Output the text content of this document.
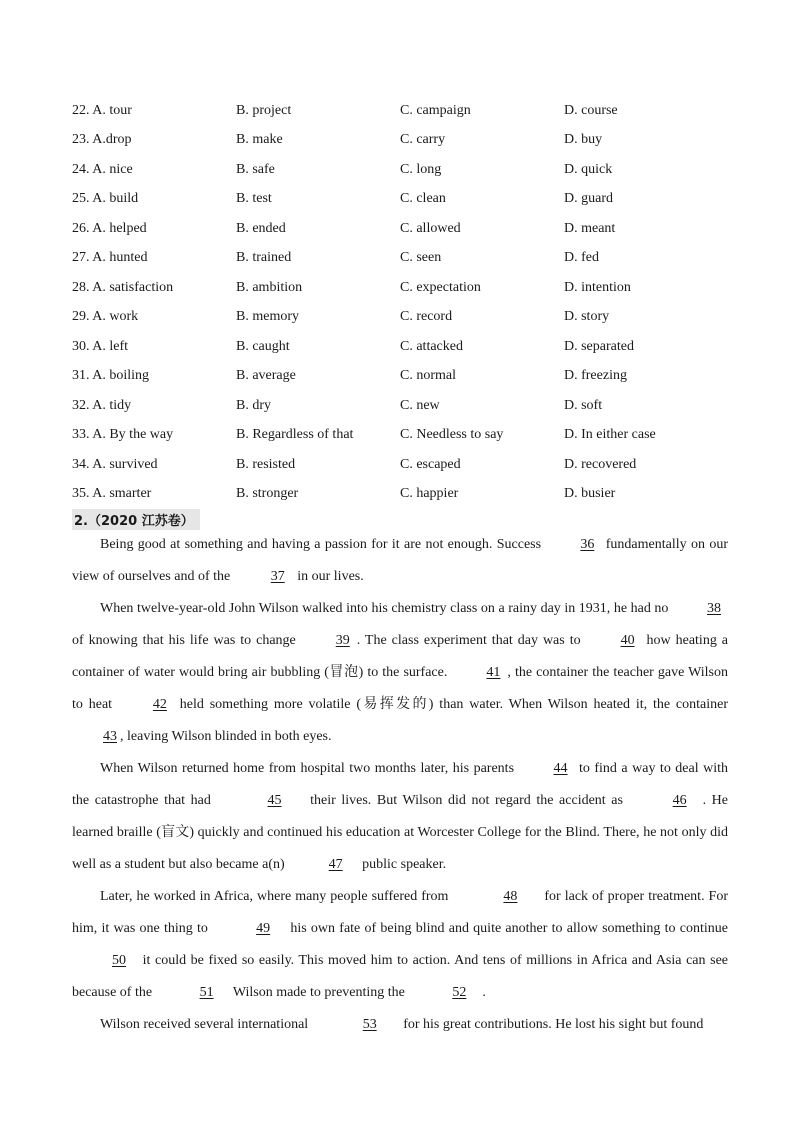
22. A. tour	B. project	C. campaign	D. course
23. A.drop	B. make	C. carry	D. buy
24. A. nice	B. safe	C. long	D. quick
25. A. build	B. test	C. clean	D. guard
26. A. helped	B. ended	C. allowed	D. meant
27. A. hunted	B. trained	C. seen	D. fed
28. A. satisfaction	B. ambition	C. expectation	D. intention
29. A. work	B. memory	C. record	D. story
30. A. left	B. caught	C. attacked	D. separated
31. A. boiling	B. average	C. normal	D. freezing
32. A. tidy	B. dry	C. new	D. soft
33. A. By the way	B. Regardless of that	C. Needless to say	D. In either case
34. A. survived	B. resisted	C. escaped	D. recovered
35. A. smarter	B. stronger	C. happier	D. busier
2.（2020 江苏卷）

Being good at something and having a passion for it are not enough. Success	36 fundamentally on our view of ourselves and of the	37 in our lives.

When twelve-year-old John Wilson walked into his chemistry class on a rainy day in 1931, he had no	38 of knowing that his life was to change	39 . The class experiment that day was to	40 how heating a container of water would bring air bubbling (冒泡) to the surface.	41 , the container the teacher gave Wilson to heat	42 held something more volatile (易挥发的) than water. When Wilson heated it, the container 43 , leaving Wilson blinded in both eyes.

When Wilson returned home from hospital two months later, his parents	44 to find a way to deal with the catastrophe that had	45 their lives. But Wilson did not regard the accident as	46 . He learned braille (盲文) quickly and continued his education at Worcester College for the Blind. There, he not only did well as a student but also became a(n)	47 public speaker.

Later, he worked in Africa, where many people suffered from	48 for lack of proper treatment. For him, it was one thing to	49 his own fate of being blind and quite another to allow something to continue 50 it could be fixed so easily. This moved him to action. And tens of millions in Africa and Asia can see because of the	51 Wilson made to preventing the	52 .

Wilson received several international	53 for his great contributions. He lost his sight but found
